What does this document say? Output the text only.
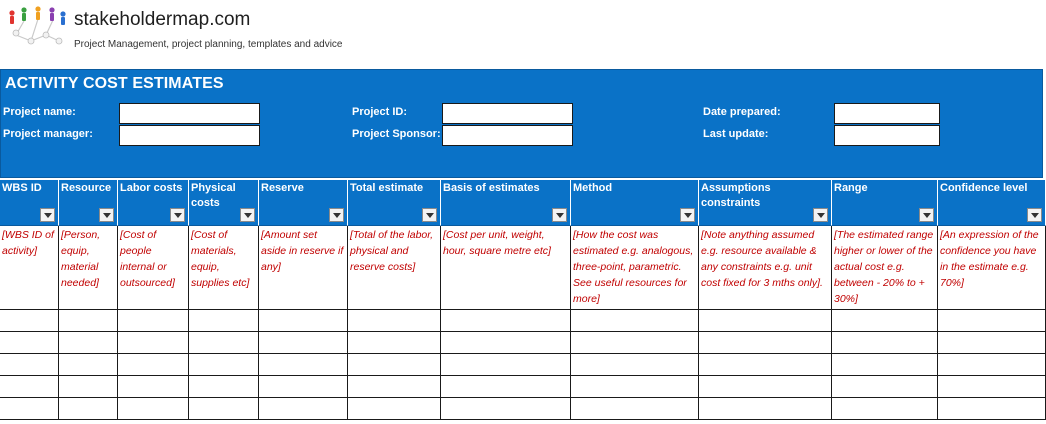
stakeholdermap.com
Project Management, project planning, templates and advice
ACTIVITY COST ESTIMATES
Project name:
Project manager:
Project ID:
Project Sponsor:
Date prepared:
Last update:
WBS ID
[WBS ID of activity]
Resource
[Person, equip, material needed]
Labor costs
[Cost of people internal or outsourced]
Physical costs
[Cost of materials, equip, supplies etc]
Reserve
[Amount set aside in reserve if any]
Total estimate
[Total of the labor, physical and reserve costs]
Basis of estimates
[Cost per unit, weight, hour, square metre etc]
Method
[How the cost was estimated e.g. analogous, three-point, parametric. See useful resources for more]
Assumptions constraints
[Note anything assumed e.g. resource available & any constraints e.g. unit cost fixed for 3 mths only].
Range
[The estimated range higher or lower of the actual cost e.g. between - 20% to + 30%]
Confidence level
[An expression of the confidence you have in the estimate e.g. 70%]
